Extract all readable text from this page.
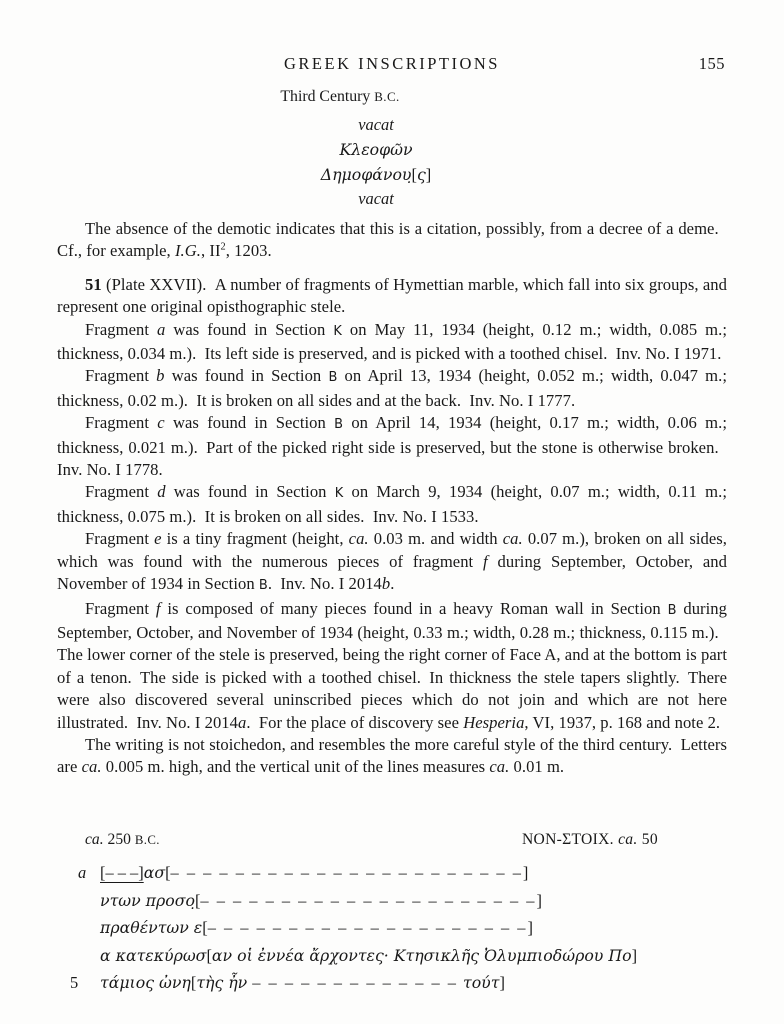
GREEK INSCRIPTIONS	155
Third Century B.C.
vacat
Κλεοφῶν
Δημοφάνου̣[ς]
vacat

The absence of the demotic indicates that this is a citation, possibly, from a decree of a deme. Cf., for example, I.G., $II^2$, 1203.

51 (Plate XXVII). A number of fragments of Hymettian marble, which fall into six groups, and represent one original opisthographic stele.

Fragment a was found in Section K on May 11, 1934 (height, 0.12 m.; width, 0.085 m.; thickness, 0.034 m.). Its left side is preserved, and is picked with a toothed chisel. Inv. No. I 1971.

Fragment b was found in Section B on April 13, 1934 (height, 0.052 m.; width, 0.047 m.; thickness, 0.02 m.). It is broken on all sides and at the back. Inv. No. I 1777.

Fragment c was found in Section B on April 14, 1934 (height, 0.17 m.; width, 0.06 m.; thickness, 0.021 m.). Part of the picked right side is preserved, but the stone is otherwise broken. Inv. No. I 1778.

Fragment d was found in Section K on March 9, 1934 (height, 0.07 m.; width, 0.11 m.; thickness, 0.075 m.). It is broken on all sides. Inv. No. I 1533.

Fragment e is a tiny fragment (height, ca. 0.03 m. and width ca. 0.07 m.), broken on all sides, which was found with the numerous pieces of fragment f during September, October, and November of 1934 in Section B. Inv. No. I 2014b.

Fragment f is composed of many pieces found in a heavy Roman wall in Section B during September, October, and November of 1934 (height, 0.33 m.; width, 0.28 m.; thickness, 0.115 m.). The lower corner of the stele is preserved, being the right corner of Face A, and at the bottom is part of a tenon. The side is picked with a toothed chisel. In thickness the stele tapers slightly. There were also discovered several uninscribed pieces which do not join and which are not here illustrated. Inv. No. I 2014a. For the place of discovery see Hesperia, VI, 1937, p. 168 and note 2.

The writing is not stoichedon, and resembles the more careful style of the third century. Letters are ca. 0.005 m. high, and the vertical unit of the lines measures ca. 0.01 m.

ca. 250 B.C.	NON-ΣΤΟΙΧ. ca. 50
a [– – –]ασ[– – – – – – – – – – – – – – – – – – – – – –]
ντων προσο̣[– – – – – – – – – – – – – – – – – – – – –]
πραθέντων ε[– – – – – – – – – – – – – – – – – – – –]
α κατεκύρωσ[αν οἱ ἐννέα ἄρχοντες· Κτησικλῆς Ὀλυμπιοδώρου Πο]
5 τάμιος ὠνη[τὴς ἦν – – – – – – – – – – – – – τούτ]
